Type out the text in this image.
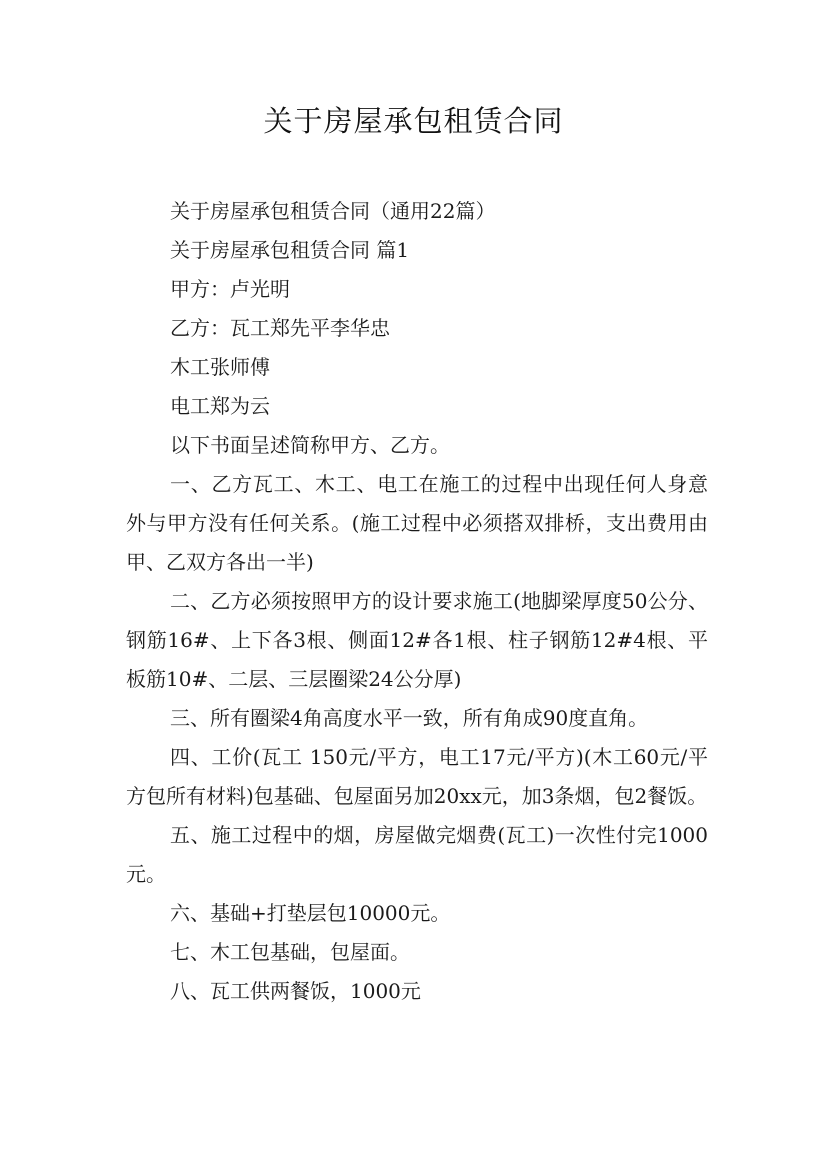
关于房屋承包租赁合同

关于房屋承包租赁合同（通用22篇）

关于房屋承包租赁合同 篇1

甲方：卢光明

乙方：瓦工郑先平李华忠

木工张师傅

电工郑为云

以下书面呈述简称甲方、乙方。

一、乙方瓦工、木工、电工在施工的过程中出现任何人身意外与甲方没有任何关系。(施工过程中必须搭双排桥，支出费用由甲、乙双方各出一半)

二、乙方必须按照甲方的设计要求施工(地脚梁厚度50公分、钢筋16#、上下各3根、侧面12#各1根、柱子钢筋12#4根、平板筋10#、二层、三层圈梁24公分厚)

三、所有圈梁4角高度水平一致，所有角成90度直角。

四、工价(瓦工 150元/平方，电工17元/平方)(木工60元/平方包所有材料)包基础、包屋面另加20xx元，加3条烟，包2餐饭。

五、施工过程中的烟，房屋做完烟费(瓦工)一次性付完1000元。

六、基础+打垫层包10000元。

七、木工包基础，包屋面。

八、瓦工供两餐饭，1000元
